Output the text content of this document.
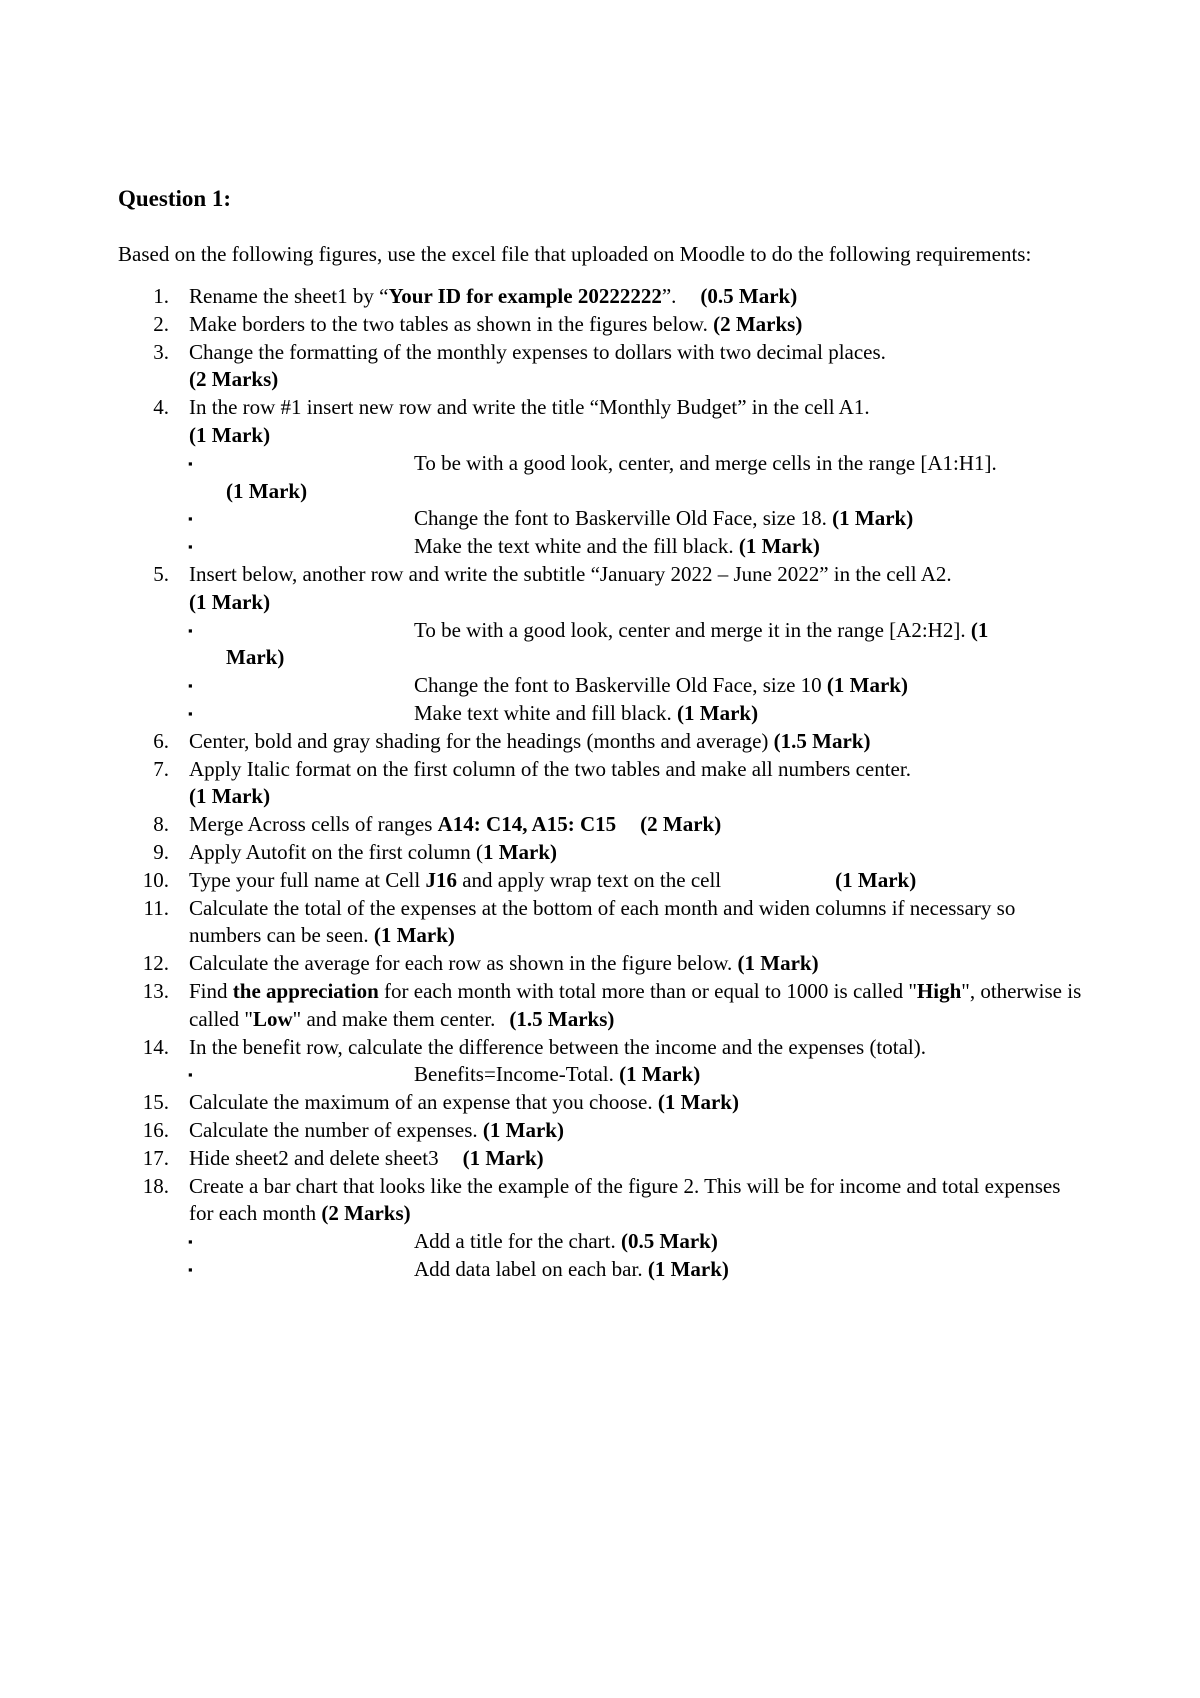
Question 1:

Based on the following figures, use the excel file that uploaded on Moodle to do the following requirements:

1. Rename the sheet1 by “Your ID for example 20222222”. (0.5 Mark)
2. Make borders to the two tables as shown in the figures below. (2 Marks)
3. Change the formatting of the monthly expenses to dollars with two decimal places.
(2 Marks)
4. In the row #1 insert new row and write the title “Monthly Budget” in the cell A1.
(1 Mark)
▪	To be with a good look, center, and merge cells in the range [A1:H1].
(1 Mark)
▪	Change the font to Baskerville Old Face, size 18. (1 Mark)
▪	Make the text white and the fill black. (1 Mark)
5. Insert below, another row and write the subtitle “January 2022 – June 2022” in the cell A2.
(1 Mark)
▪	To be with a good look, center and merge it in the range [A2:H2]. (1
Mark)
▪	Change the font to Baskerville Old Face, size 10 (1 Mark)
▪	Make text white and fill black. (1 Mark)
6. Center, bold and gray shading for the headings (months and average) (1.5 Mark)
7. Apply Italic format on the first column of the two tables and make all numbers center.
(1 Mark)
8. Merge Across cells of ranges A14: C14, A15: C15 (2 Mark)
9. Apply Autofit on the first column (1 Mark)
10. Type your full name at Cell J16 and apply wrap text on the cell	(1 Mark)
11. Calculate the total of the expenses at the bottom of each month and widen columns if necessary so numbers can be seen. (1 Mark)
12. Calculate the average for each row as shown in the figure below. (1 Mark)
13. Find the appreciation for each month with total more than or equal to 1000 is called "High", otherwise is called "Low" and make them center. (1.5 Marks)
14. In the benefit row, calculate the difference between the income and the expenses (total).
▪	Benefits=Income-Total. (1 Mark)
15. Calculate the maximum of an expense that you choose. (1 Mark)
16. Calculate the number of expenses. (1 Mark)
17. Hide sheet2 and delete sheet3 (1 Mark)
18. Create a bar chart that looks like the example of the figure 2. This will be for income and total expenses for each month (2 Marks)
▪	Add a title for the chart. (0.5 Mark)
▪	Add data label on each bar. (1 Mark)
